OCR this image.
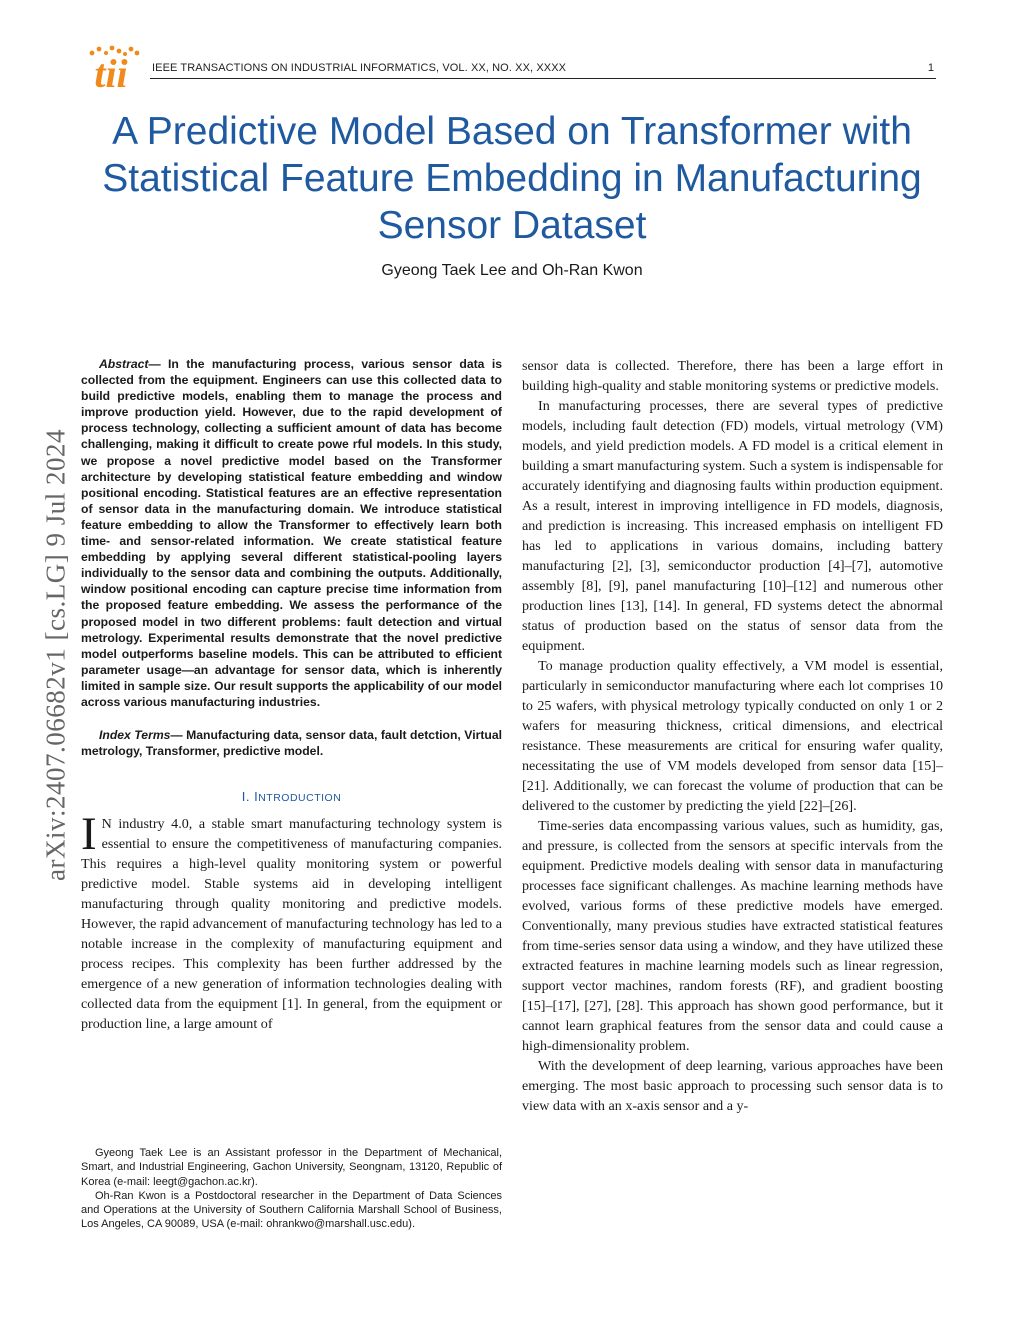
tii IEEE TRANSACTIONS ON INDUSTRIAL INFORMATICS, VOL. XX, NO. XX, XXXX	1
A Predictive Model Based on Transformer with Statistical Feature Embedding in Manufacturing Sensor Dataset
Gyeong Taek Lee and Oh-Ran Kwon
arXiv:2407.06682v1 [cs.LG] 9 Jul 2024

Abstract— In the manufacturing process, various sensor data is collected from the equipment. Engineers can use this collected data to build predictive models, enabling them to manage the process and improve production yield. However, due to the rapid development of process technology, collecting a sufficient amount of data has become challenging, making it difficult to create powe rful models. In this study, we propose a novel predictive model based on the Transformer architecture by developing statistical feature embedding and window positional encoding. Statistical features are an effective representation of sensor data in the manufacturing domain. We introduce statistical feature embedding to allow the Transformer to effectively learn both time- and sensor-related information. We create statistical feature embedding by applying several different statistical-pooling layers individually to the sensor data and combining the outputs. Additionally, window positional encoding can capture precise time information from the proposed feature embedding. We assess the performance of the proposed model in two different problems: fault detection and virtual metrology. Experimental results demonstrate that the novel predictive model outperforms baseline models. This can be attributed to efficient parameter usage—an advantage for sensor data, which is inherently limited in sample size. Our result supports the applicability of our model across various manufacturing industries.

Index Terms— Manufacturing data, sensor data, fault detction, Virtual metrology, Transformer, predictive model.

I. INTRODUCTION

I N industry 4.0, a stable smart manufacturing technology system is essential to ensure the competitiveness of manufacturing companies. This requires a high-level quality monitoring system or powerful predictive model. Stable systems aid in developing intelligent manufacturing through quality monitoring and predictive models. However, the rapid advancement of manufacturing technology has led to a notable increase in the complexity of manufacturing equipment and process recipes. This complexity has been further addressed by the emergence of a new generation of information technologies dealing with collected data from the equipment [1]. In general, from the equipment or production line, a large amount of

sensor data is collected. Therefore, there has been a large effort in building high-quality and stable monitoring systems or predictive models.

In manufacturing processes, there are several types of predictive models, including fault detection (FD) models, virtual metrology (VM) models, and yield prediction models. A FD model is a critical element in building a smart manufacturing system. Such a system is indispensable for accurately identifying and diagnosing faults within production equipment. As a result, interest in improving intelligence in FD models, diagnosis, and prediction is increasing. This increased emphasis on intelligent FD has led to applications in various domains, including battery manufacturing [2], [3], semiconductor production [4]–[7], automotive assembly [8], [9], panel manufacturing [10]–[12] and numerous other production lines [13], [14]. In general, FD systems detect the abnormal status of production based on the status of sensor data from the equipment.

To manage production quality effectively, a VM model is essential, particularly in semiconductor manufacturing where each lot comprises 10 to 25 wafers, with physical metrology typically conducted on only 1 or 2 wafers for measuring thickness, critical dimensions, and electrical resistance. These measurements are critical for ensuring wafer quality, necessitating the use of VM models developed from sensor data [15]–[21]. Additionally, we can forecast the volume of production that can be delivered to the customer by predicting the yield [22]–[26].

Time-series data encompassing various values, such as humidity, gas, and pressure, is collected from the sensors at specific intervals from the equipment. Predictive models dealing with sensor data in manufacturing processes face significant challenges. As machine learning methods have evolved, various forms of these predictive models have emerged. Conventionally, many previous studies have extracted statistical features from time-series sensor data using a window, and they have utilized these extracted features in machine learning models such as linear regression, support vector machines, random forests (RF), and gradient boosting [15]–[17], [27], [28]. This approach has shown good performance, but it cannot learn graphical features from the sensor data and could cause a high-dimensionality problem.

With the development of deep learning, various approaches have been emerging. The most basic approach to processing such sensor data is to view data with an x-axis sensor and a y-

Gyeong Taek Lee is an Assistant professor in the Department of Mechanical, Smart, and Industrial Engineering, Gachon University, Seongnam, 13120, Republic of Korea (e-mail: leegt@gachon.ac.kr).

Oh-Ran Kwon is a Postdoctoral researcher in the Department of Data Sciences and Operations at the University of Southern California Marshall School of Business, Los Angeles, CA 90089, USA (e-mail: ohrankwo@marshall.usc.edu).
